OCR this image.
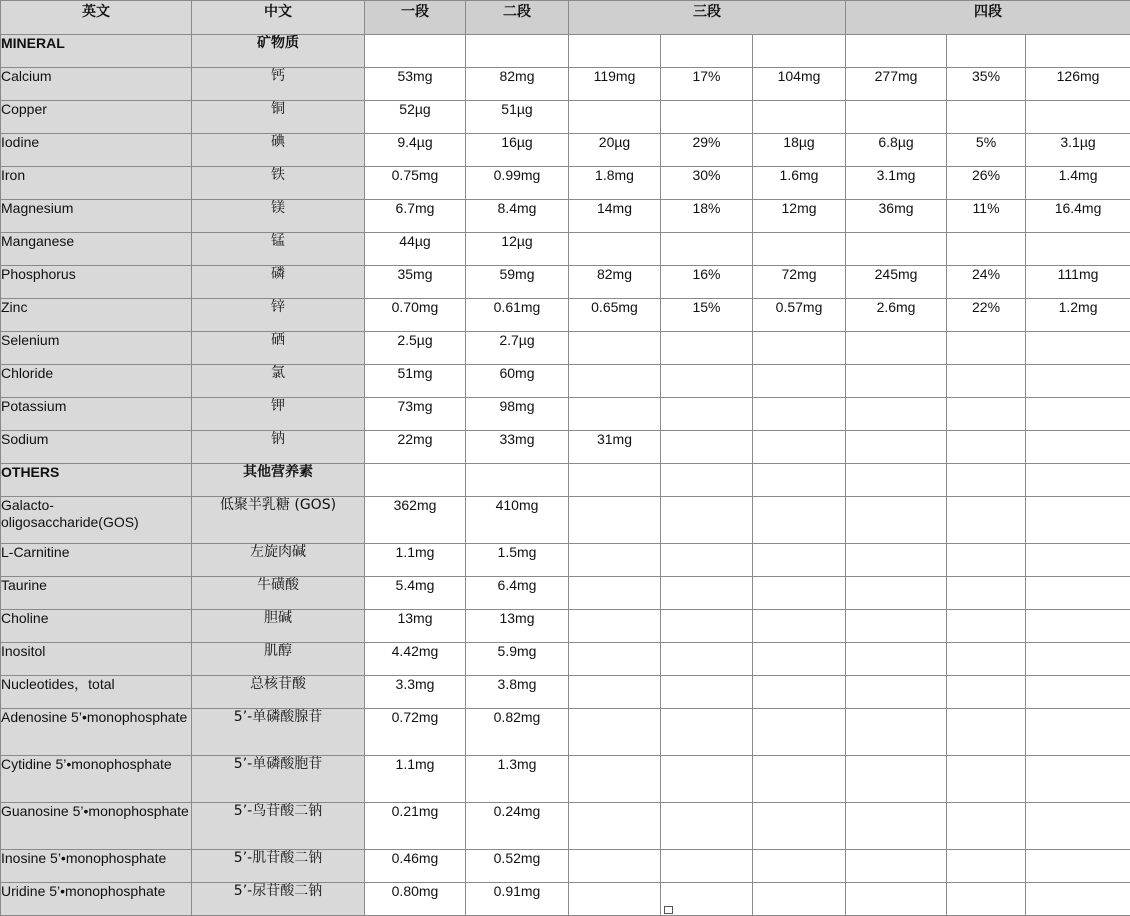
英文	中文	一段	二段	三段			四段		
MINERAL	矿物质								
Calcium	钙	53mg	82mg	119mg	17%	104mg	277mg	35%	126mg
Copper	铜	52µg	51µg						
Iodine	碘	9.4µg	16µg	20µg	29%	18µg	6.8µg	5%	3.1µg
Iron	铁	0.75mg	0.99mg	1.8mg	30%	1.6mg	3.1mg	26%	1.4mg
Magnesium	镁	6.7mg	8.4mg	14mg	18%	12mg	36mg	11%	16.4mg
Manganese	锰	44µg	12µg						
Phosphorus	磷	35mg	59mg	82mg	16%	72mg	245mg	24%	111mg
Zinc	锌	0.70mg	0.61mg	0.65mg	15%	0.57mg	2.6mg	22%	1.2mg
Selenium	硒	2.5µg	2.7µg						
Chloride	氯	51mg	60mg						
Potassium	钾	73mg	98mg						
Sodium	钠	22mg	33mg	31mg					
OTHERS	其他营养素								
Galacto-oligosaccharide(GOS)	低聚半乳糖 (GOS)	362mg	410mg						
L-Carnitine	左旋肉碱	1.1mg	1.5mg						
Taurine	牛磺酸	5.4mg	6.4mg						
Choline	胆碱	13mg	13mg						
Inositol	肌醇	4.42mg	5.9mg						
Nucleotides，total	总核苷酸	3.3mg	3.8mg						
Adenosine 5’•monophosphate	5’-单磷酸腺苷	0.72mg	0.82mg						
Cytidine 5’•monophosphate	5’-单磷酸胞苷	1.1mg	1.3mg						
Guanosine 5’•monophosphate	5’-鸟苷酸二钠	0.21mg	0.24mg						
Inosine 5’•monophosphate	5’-肌苷酸二钠	0.46mg	0.52mg						
Uridine 5’•monophosphate	5’-尿苷酸二钠	0.80mg	0.91mg						
